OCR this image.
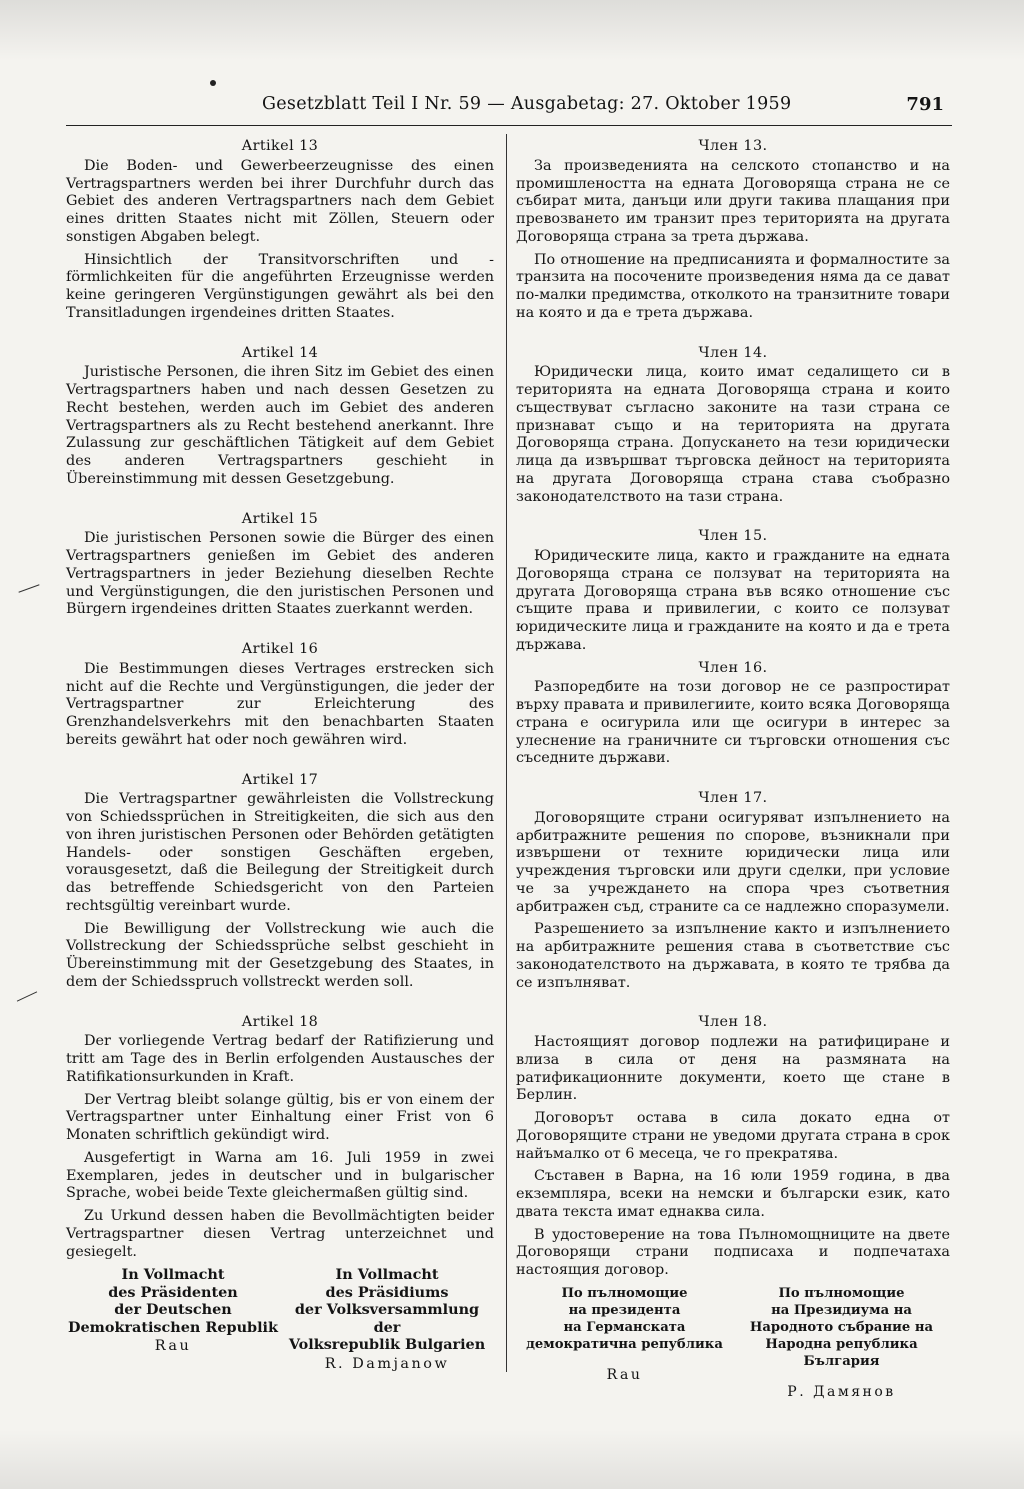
Gesetzblatt Teil I Nr. 59 — Ausgabetag: 27. Oktober 1959	791
Artikel 13
Die Boden- und Gewerbeerzeugnisse des einen Vertragspartners werden bei ihrer Durchfuhr durch das Gebiet des anderen Vertragspartners nach dem Gebiet eines dritten Staates nicht mit Zöllen, Steuern oder sonstigen Abgaben belegt.
Hinsichtlich der Transitvorschriften und -förmlichkeiten für die angeführten Erzeugnisse werden keine geringeren Vergünstigungen gewährt als bei den Transitladungen irgendeines dritten Staates.
Artikel 14
Juristische Personen, die ihren Sitz im Gebiet des einen Vertragspartners haben und nach dessen Gesetzen zu Recht bestehen, werden auch im Gebiet des anderen Vertragspartners als zu Recht bestehend anerkannt. Ihre Zulassung zur geschäftlichen Tätigkeit auf dem Gebiet des anderen Vertragspartners geschieht in Übereinstimmung mit dessen Gesetzgebung.
Artikel 15
Die juristischen Personen sowie die Bürger des einen Vertragspartners genießen im Gebiet des anderen Vertragspartners in jeder Beziehung dieselben Rechte und Vergünstigungen, die den juristischen Personen und Bürgern irgendeines dritten Staates zuerkannt werden.
Artikel 16
Die Bestimmungen dieses Vertrages erstrecken sich nicht auf die Rechte und Vergünstigungen, die jeder der Vertragspartner zur Erleichterung des Grenzhandelsverkehrs mit den benachbarten Staaten bereits gewährt hat oder noch gewähren wird.
Artikel 17
Die Vertragspartner gewährleisten die Vollstreckung von Schiedssprüchen in Streitigkeiten, die sich aus den von ihren juristischen Personen oder Behörden getätigten Handels- oder sonstigen Geschäften ergeben, vorausgesetzt, daß die Beilegung der Streitigkeit durch das betreffende Schiedsgericht von den Parteien rechtsgültig vereinbart wurde.
Die Bewilligung der Vollstreckung wie auch die Vollstreckung der Schiedssprüche selbst geschieht in Übereinstimmung mit der Gesetzgebung des Staates, in dem der Schiedsspruch vollstreckt werden soll.
Artikel 18
Der vorliegende Vertrag bedarf der Ratifizierung und tritt am Tage des in Berlin erfolgenden Austausches der Ratifikationsurkunden in Kraft.
Der Vertrag bleibt solange gültig, bis er von einem der Vertragspartner unter Einhaltung einer Frist von 6 Monaten schriftlich gekündigt wird.
Ausgefertigt in Warna am 16. Juli 1959 in zwei Exemplaren, jedes in deutscher und in bulgarischer Sprache, wobei beide Texte gleichermaßen gültig sind.
Zu Urkund dessen haben die Bevollmächtigten beider Vertragspartner diesen Vertrag unterzeichnet und gesiegelt.
In Vollmacht
des Präsidenten
der Deutschen
Demokratischen Republik
Rau
In Vollmacht
des Präsidiums
der Volksversammlung der
Volksrepublik Bulgarien
R. Damjanow
Член 13.
За произведенията на селското стопанство и на промишлеността на едната Договоряща страна не се събират мита, данъци или други такива плащания при превозването им транзит през територията на другата Договоряща страна за трета държава.
По отношение на предписанията и формалностите за транзита на посочените произведения няма да се дават по-малки предимства, отколкото на транзитните товари на която и да е трета държава.
Член 14.
Юридически лица, които имат седалището си в територията на едната Договоряща страна и които съществуват съгласно законите на тази страна се признават също и на територията на другата Договоряща страна. Допускането на тези юридически лица да извършват търговска дейност на територията на другата Договоряща страна става съобразно законодателството на тази страна.
Член 15.
Юридическите лица, както и гражданите на едната Договоряща страна се ползуват на територията на другата Договоряща страна във всяко отношение със същите права и привилегии, с които се ползуват юридическите лица и гражданите на която и да е трета държава.
Член 16.
Разпоредбите на този договор не се разпростират върху правата и привилегиите, които всяка Договоряща страна е осигурила или ще осигури в интерес за улеснение на граничните си търговски отношения със съседните държави.
Член 17.
Договорящите страни осигуряват изпълнението на арбитражните решения по спорове, възникнали при извършени от техните юридически лица или учреждения търговски или други сделки, при условие че за учреждането на спора чрез съответния арбитражен съд, страните са се надлежно споразумели.
Разрешението за изпълнение както и изпълнението на арбитражните решения става в съответствие със законодателството на държавата, в която те трябва да се изпълняват.
Член 18.
Настоящият договор подлежи на ратифициране и влиза в сила от деня на размяната на ратификационните документи, което ще стане в Берлин.
Договорът остава в сила докато една от Договорящите страни не уведоми другата страна в срок найъмалко от 6 месеца, че го прекратява.
Съставен в Варна, на 16 юли 1959 година, в два екземпляра, всеки на немски и български език, като двата текста имат еднаква сила.
В удостоверение на това Пълномощниците на двете Договорящи страни подписаха и подпечатаха настоящия договор.
По пълномощие
на президента
на Германската
демократична република
Rau
По пълномощие
на Президиума на
Народното събрание на
Народна република
България
Р. Дамянов
